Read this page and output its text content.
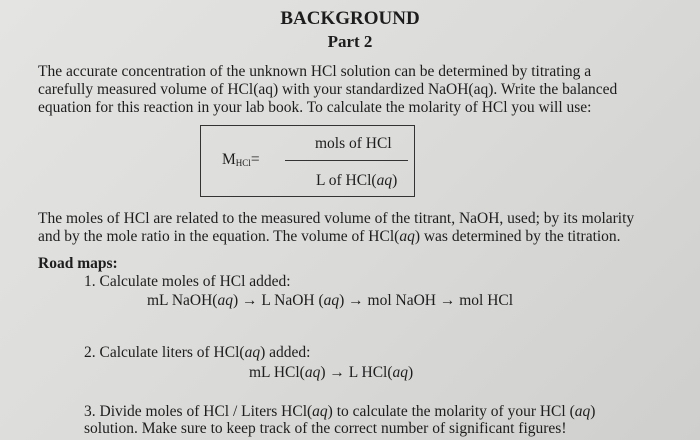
BACKGROUND
Part 2
The accurate concentration of the unknown HCl solution can be determined by titrating a
carefully measured volume of HCl(aq) with your standardized NaOH(aq). Write the balanced
equation for this reaction in your lab book. To calculate the molarity of HCl you will use:
$M_{HCl}=$
mols of HCl
L of HCl(aq)
The moles of HCl are related to the measured volume of the titrant, NaOH, used; by its molarity
and by the mole ratio in the equation. The volume of HCl(aq) was determined by the titration.
Road maps:
1. Calculate moles of HCl added:
mL NaOH(aq) → L NaOH (aq) → mol NaOH → mol HCl
2. Calculate liters of HCl(aq) added:
mL HCl(aq) → L HCl(aq)
3. Divide moles of HCl / Liters HCl(aq) to calculate the molarity of your HCl (aq)
solution. Make sure to keep track of the correct number of significant figures!
